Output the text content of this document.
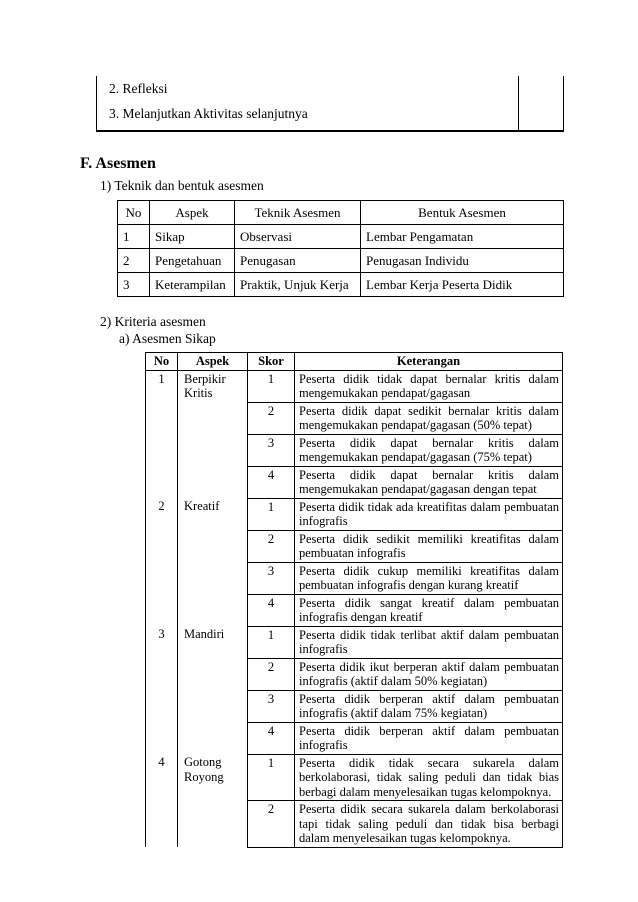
2. Refleksi
3. Melanjutkan Aktivitas selanjutnya
F. Asesmen
1) Teknik dan bentuk asesmen
No	Aspek	Teknik Asesmen	Bentuk Asesmen
1	Sikap	Observasi	Lembar Pengamatan
2	Pengetahuan	Penugasan	Penugasan Individu
3	Keterampilan	Praktik, Unjuk Kerja	Lembar Kerja Peserta Didik
2) Kriteria asesmen
a) Asesmen Sikap
No	Aspek	Skor	Keterangan
1	Berpikir Kritis	1	Peserta didik tidak dapat bernalar kritis dalam
mengemukakan pendapat/gagasan

		2	Peserta didik dapat sedikit bernalar kritis dalam
mengemukakan pendapat/gagasan (50% tepat)

		3	Peserta didik dapat bernalar kritis dalam
mengemukakan pendapat/gagasan (75% tepat)

		4	Peserta didik dapat bernalar kritis dalam
mengemukakan pendapat/gagasan dengan tepat

2	Kreatif	1	Peserta didik tidak ada kreatifitas dalam pembuatan
infografis

		2	Peserta didik sedikit memiliki kreatifitas dalam
pembuatan infografis

		3	Peserta didik cukup memiliki kreatifitas dalam
pembuatan infografis dengan kurang kreatif

		4	Peserta didik sangat kreatif dalam pembuatan
infografis dengan kreatif

3	Mandiri	1	Peserta didik tidak terlibat aktif dalam pembuatan
infografis

		2	Peserta didik ikut berperan aktif dalam pembuatan
infografis (aktif dalam 50% kegiatan)

		3	Peserta didik berperan aktif dalam pembuatan
infografis (aktif dalam 75% kegiatan)

		4	Peserta didik berperan aktif dalam pembuatan
infografis

4	Gotong Royong	1	Peserta didik tidak secara sukarela dalam
berkolaborasi, tidak saling peduli dan tidak bias
berbagi dalam menyelesaikan tugas kelompoknya.

		2	Peserta didik secara sukarela dalam berkolaborasi
tapi tidak saling peduli dan tidak bisa berbagi
dalam menyelesaikan tugas kelompoknya.
